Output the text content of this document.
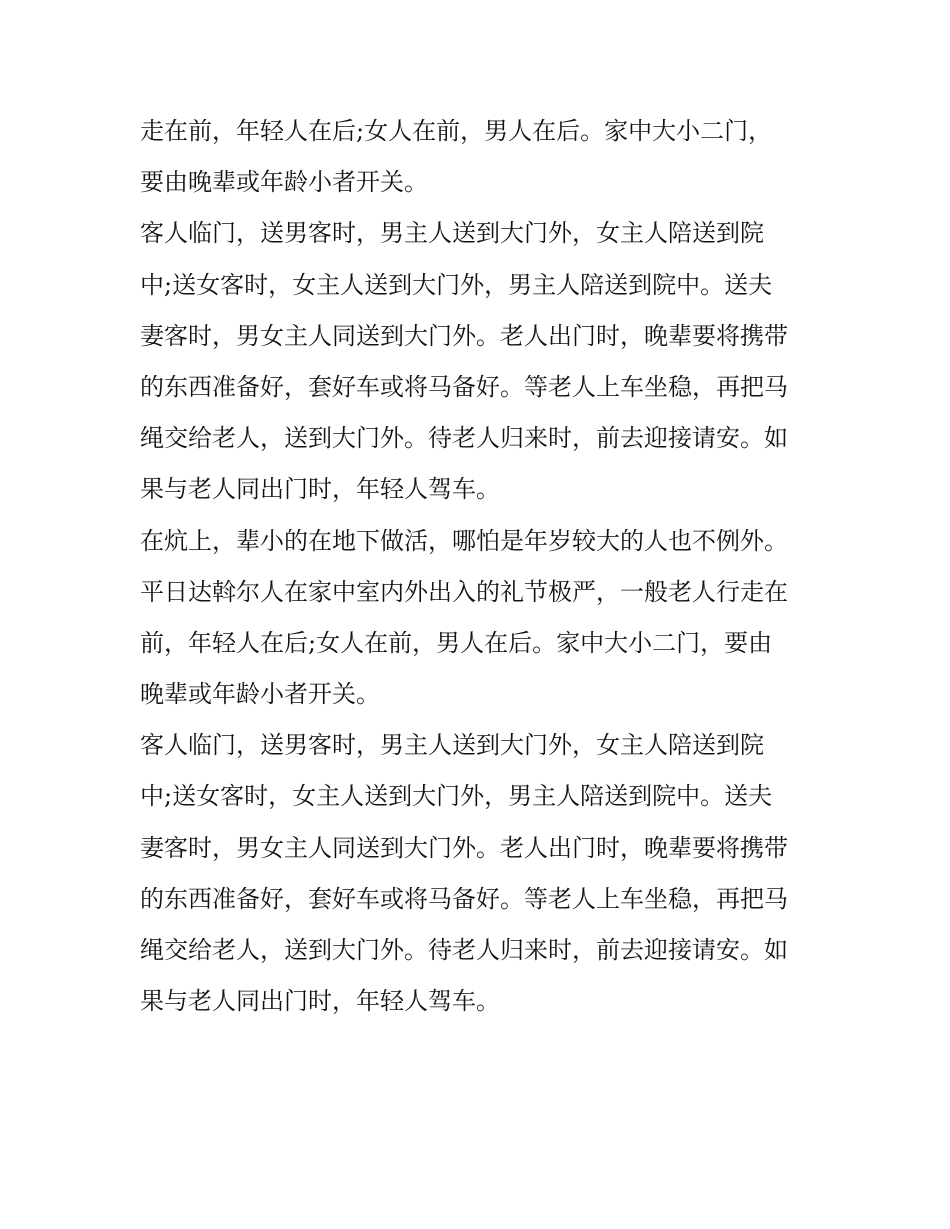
走在前，年轻人在后;女人在前，男人在后。家中大小二门，
要由晚辈或年龄小者开关。
客人临门，送男客时，男主人送到大门外，女主人陪送到院
中;送女客时，女主人送到大门外，男主人陪送到院中。送夫
妻客时，男女主人同送到大门外。老人出门时，晚辈要将携带
的东西准备好，套好车或将马备好。等老人上车坐稳，再把马
绳交给老人，送到大门外。待老人归来时，前去迎接请安。如
果与老人同出门时，年轻人驾车。
在炕上，辈小的在地下做活，哪怕是年岁较大的人也不例外。
平日达斡尔人在家中室内外出入的礼节极严，一般老人行走在
前，年轻人在后;女人在前，男人在后。家中大小二门，要由
晚辈或年龄小者开关。
客人临门，送男客时，男主人送到大门外，女主人陪送到院
中;送女客时，女主人送到大门外，男主人陪送到院中。送夫
妻客时，男女主人同送到大门外。老人出门时，晚辈要将携带
的东西准备好，套好车或将马备好。等老人上车坐稳，再把马
绳交给老人，送到大门外。待老人归来时，前去迎接请安。如
果与老人同出门时，年轻人驾车。
